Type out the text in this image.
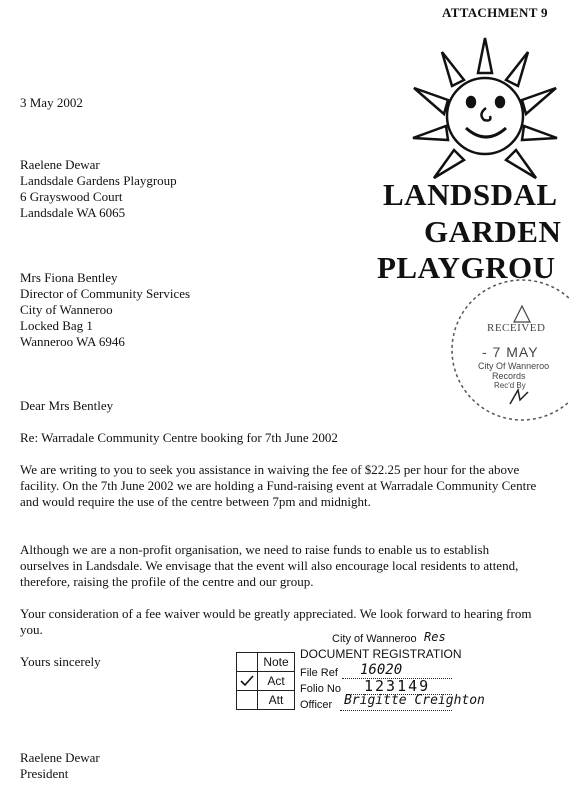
ATTACHMENT 9
3 May 2002
Raelene Dewar
Landsdale Gardens Playgroup
6 Grayswood Court
Landsdale WA 6065
LANDSDAL
GARDEN
PLAYGROU
Mrs Fiona Bentley
Director of Community Services
City of Wanneroo
Locked Bag 1
Wanneroo WA 6946
RECEIVED
- 7 MAY
City Of Wanneroo
Records
Rec'd By
Dear Mrs Bentley
Re: Warradale Community Centre booking for 7th June 2002

We are writing to you to seek you assistance in waiving the fee of $22.25 per hour for the above facility. On the 7th June 2002 we are holding a Fund-raising event at Warradale Community Centre and would require the use of the centre between 7pm and midnight.

Although we are a non-profit organisation, we need to raise funds to enable us to establish ourselves in Landsdale. We envisage that the event will also encourage local residents to attend, therefore, raising the profile of the centre and our group.

Your consideration of a fee waiver would be greatly appreciated. We look forward to hearing from you.

Yours sincerely
City of Wanneroo Res
DOCUMENT REGISTRATION
Note
Act
Att
File Ref 16020
Folio No 123149
Officer Brigitte Creighton
Raelene Dewar
President
